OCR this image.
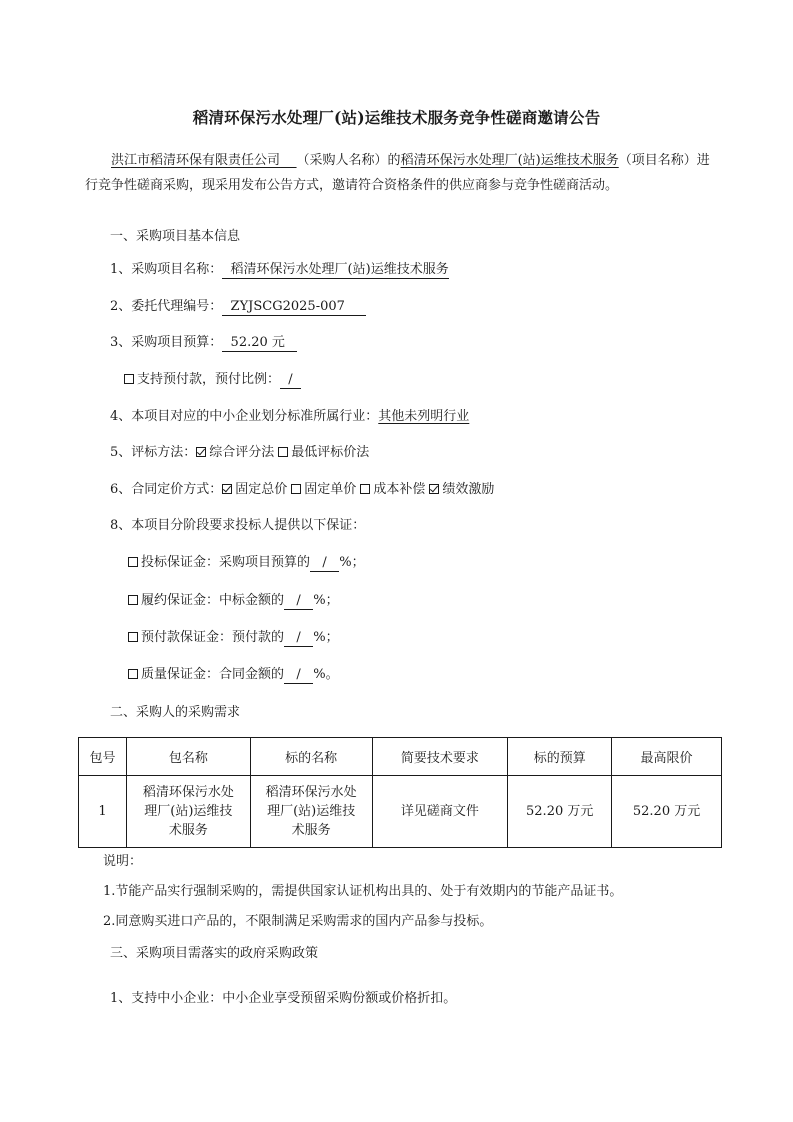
稻清环保污水处理厂(站)运维技术服务竞争性磋商邀请公告
洪江市稻清环保有限责任公司 （采购人名称）的稻清环保污水处理厂(站)运维技术服务（项目名称）进行竞争性磋商采购，现采用发布公告方式，邀请符合资格条件的供应商参与竞争性磋商活动。
一、采购项目基本信息
1、采购项目名称： 稻清环保污水处理厂(站)运维技术服务
2、委托代理编号： ZYJSCG2025-007
3、采购项目预算： 52.20 元
支持预付款，预付比例： /
4、本项目对应的中小企业划分标准所属行业：其他未列明行业
5、评标方法： 综合评分法 最低评标价法
6、合同定价方式： 固定总价 固定单价 成本补偿 绩效激励
8、本项目分阶段要求投标人提供以下保证：
投标保证金：采购项目预算的 / %；
履约保证金：中标金额的 / %；
预付款保证金：预付款的 / %；
质量保证金：合同金额的 / %。
二、采购人的采购需求
包号	包名称	标的名称	简要技术要求	标的预算	最高限价
1	稻清环保污水处理厂(站)运维技术服务	稻清环保污水处理厂(站)运维技术服务	详见磋商文件	52.20 万元	52.20 万元
说明：
1.节能产品实行强制采购的，需提供国家认证机构出具的、处于有效期内的节能产品证书。
2.同意购买进口产品的，不限制满足采购需求的国内产品参与投标。
三、采购项目需落实的政府采购政策
1、支持中小企业：中小企业享受预留采购份额或价格折扣。
